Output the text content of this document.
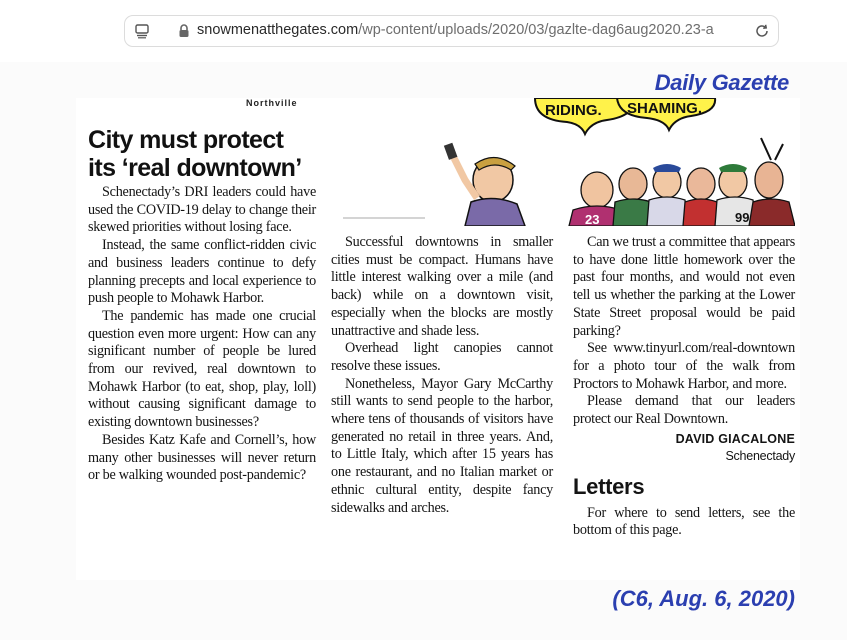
snowmenatthegates.com/wp-content/uploads/2020/03/gazlte-dag6aug2020.23-a
Daily Gazette
Northville
City must protect
its ‘real downtown’
RIDING. SHAMING.
23	99

Schenectady’s DRI leaders could have used the COVID-19 delay to change their skewed priorities without losing face.

Instead, the same conflict-ridden civic and business leaders continue to defy planning precepts and local experience to push people to Mohawk Harbor.

The pandemic has made one crucial question even more urgent: How can any significant number of people be lured from our revived, real downtown to Mohawk Harbor (to eat, shop, play, loll) without causing significant damage to existing downtown businesses?

Besides Katz Kafe and Cornell’s, how many other businesses will never return or be walking wounded post-pandemic?

Successful downtowns in smaller cities must be compact. Humans have little interest walking over a mile (and back) while on a downtown visit, especially when the blocks are mostly unattractive and shade less.

Overhead light canopies cannot resolve these issues.

Nonetheless, Mayor Gary McCarthy still wants to send people to the harbor, where tens of thousands of visitors have generated no retail in three years. And, to Little Italy, which after 15 years has one restaurant, and no Italian market or ethnic cultural entity, despite fancy sidewalks and arches.

Can we trust a committee that appears to have done little homework over the past four months, and would not even tell us whether the parking at the Lower State Street proposal would be paid parking?

See www.tinyurl.com/real-downtown for a photo tour of the walk from Proctors to Mohawk Harbor, and more.

Please demand that our leaders protect our Real Downtown.

DAVID GIACALONE
Schenectady
Letters

For where to send letters, see the bottom of this page.

(C6, Aug. 6, 2020)
